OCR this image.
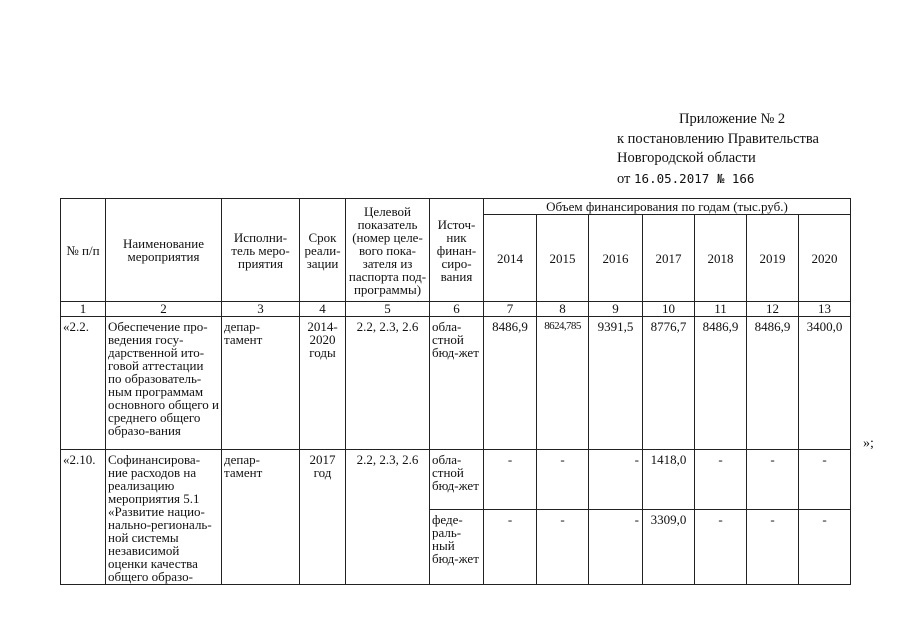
Приложение № 2
к постановлению Правительства
Новгородской области
от 16.05.2017 № 166
№ п/п	Наименование мероприятия	Исполни-тель меро-приятия	Срок реали-зации	Целевой показатель (номер целе-вого пока-зателя из паспорта под-программы)	Источ-ник финан-сиро-вания	Объем финансирования по годам (тыс.руб.)						
						2014	2015	2016	2017	2018	2019	2020
1	2	3	4	5	6	7	8	9	10	11	12	13
«2.2.	Обеспечение про-ведения госу-дарственной ито-говой аттестации по образователь-ным программам основного общего и среднего общего образо-вания	депар-тамент	2014-2020 годы	2.2, 2.3, 2.6	обла-стной бюд-жет	8486,9	8624,785	9391,5	8776,7	8486,9	8486,9	3400,0
«2.10.	Софинансирова-ние расходов на реализацию мероприятия 5.1 «Развитие нацио-нально-региональ-ной системы независимой оценки качества общего образо-	депар-тамент	2017 год	2.2, 2.3, 2.6	обла-стной бюд-жет	-	-	-	1418,0	-	-	-
					феде-раль-ный бюд-жет	-	-	-	3309,0	-	-	-
»;
